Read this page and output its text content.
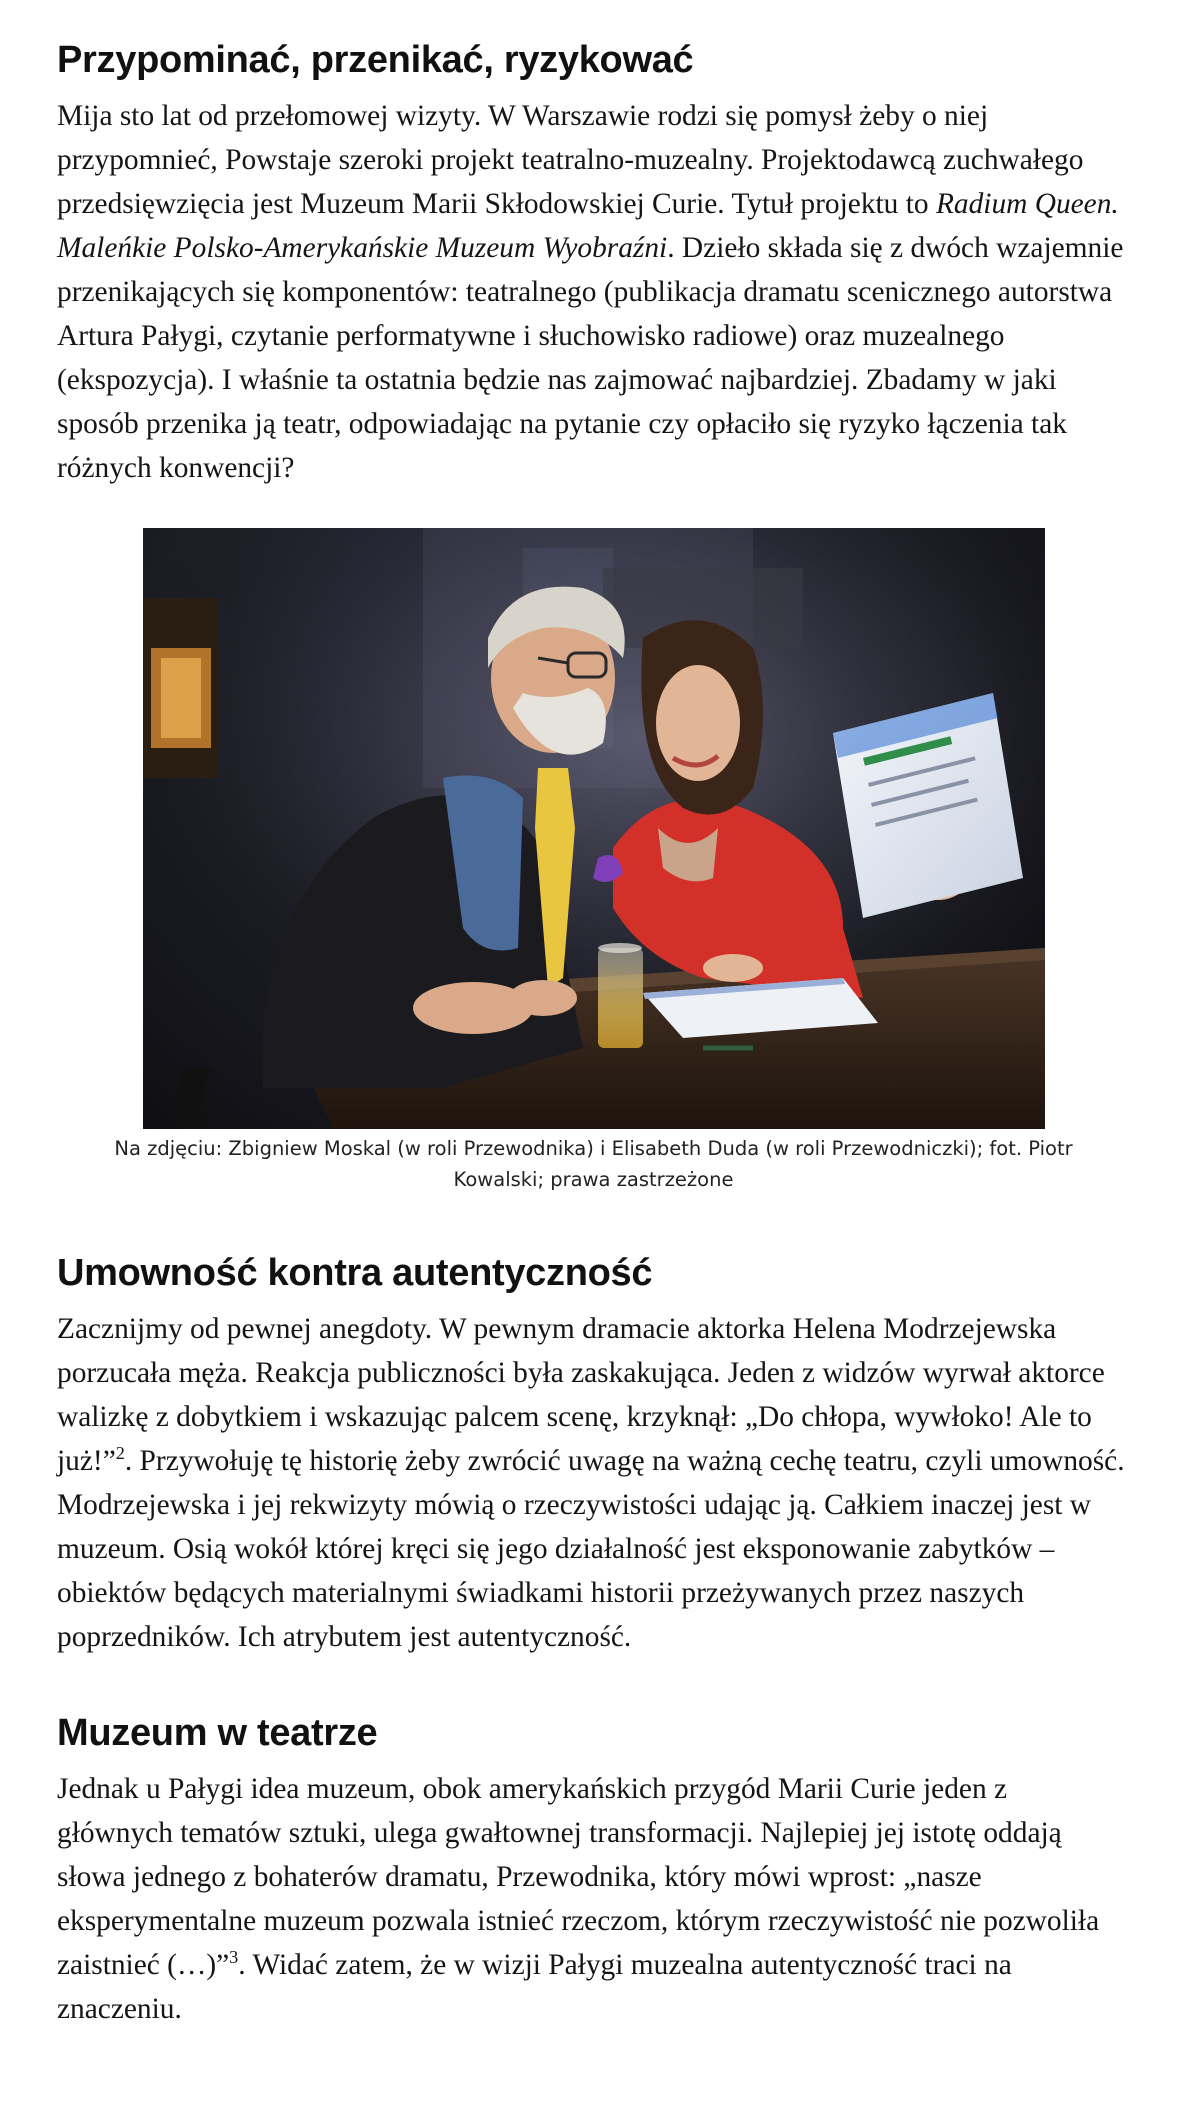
Przypominać, przenikać, ryzykować

Mija sto lat od przełomowej wizyty. W Warszawie rodzi się pomysł żeby o niej przypomnieć, Powstaje szeroki projekt teatralno-muzealny. Projektodawcą zuchwałego przedsięwzięcia jest Muzeum Marii Skłodowskiej Curie. Tytuł projektu to Radium Queen. Maleńkie Polsko-Amerykańskie Muzeum Wyobraźni. Dzieło składa się z dwóch wzajemnie przenikających się komponentów: teatralnego (publikacja dramatu scenicznego autorstwa Artura Pałygi, czytanie performatywne i słuchowisko radiowe) oraz muzealnego (ekspozycja). I właśnie ta ostatnia będzie nas zajmować najbardziej. Zbadamy w jaki sposób przenika ją teatr, odpowiadając na pytanie czy opłaciło się ryzyko łączenia tak różnych konwencji?

Na zdjęciu: Zbigniew Moskal (w roli Przewodnika) i Elisabeth Duda (w roli Przewodniczki); fot. Piotr Kowalski; prawa zastrzeżone
Umowność kontra autentyczność

Zacznijmy od pewnej anegdoty. W pewnym dramacie aktorka Helena Modrzejewska porzucała męża. Reakcja publiczności była zaskakująca. Jeden z widzów wyrwał aktorce walizkę z dobytkiem i wskazując palcem scenę, krzyknął: „Do chłopa, wywłoko! Ale to już!”$^2$. Przywołuję tę historię żeby zwrócić uwagę na ważną cechę teatru, czyli umowność. Modrzejewska i jej rekwizyty mówią o rzeczywistości udając ją. Całkiem inaczej jest w muzeum. Osią wokół której kręci się jego działalność jest eksponowanie zabytków – obiektów będących materialnymi świadkami historii przeżywanych przez naszych poprzedników. Ich atrybutem jest autentyczność.

Muzeum w teatrze

Jednak u Pałygi idea muzeum, obok amerykańskich przygód Marii Curie jeden z głównych tematów sztuki, ulega gwałtownej transformacji. Najlepiej jej istotę oddają słowa jednego z bohaterów dramatu, Przewodnika, który mówi wprost: „nasze eksperymentalne muzeum pozwala istnieć rzeczom, którym rzeczywistość nie pozwoliła zaistnieć (…)”$^3$. Widać zatem, że w wizji Pałygi muzealna autentyczność traci na znaczeniu.
